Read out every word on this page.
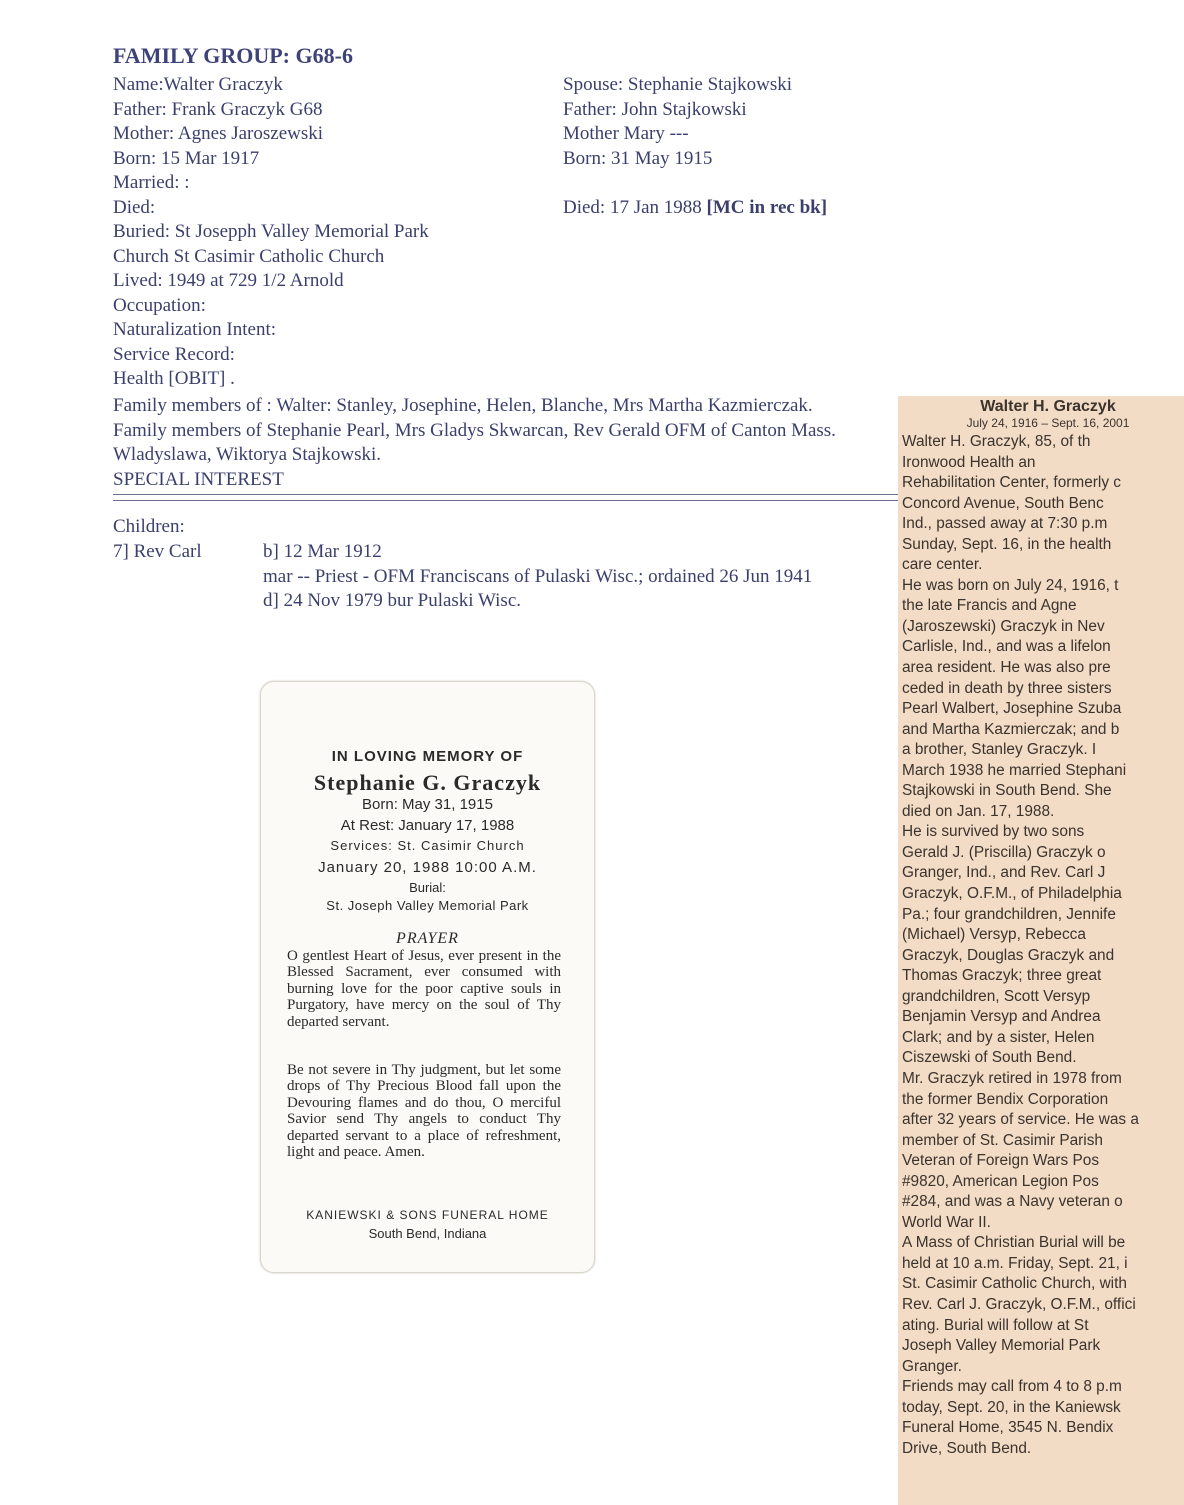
FAMILY GROUP: G68-6
Name:Walter Graczyk
Father: Frank Graczyk G68
Mother: Agnes Jaroszewski
Born: 15 Mar 1917
Married: :
Died:
Buried: St Josepph Valley Memorial Park
Church St Casimir Catholic Church
Lived: 1949 at 729 1/2 Arnold
Occupation:
Naturalization Intent:
Service Record:
Health [OBIT] .
Spouse: Stephanie Stajkowski
Father: John Stajkowski
Mother Mary ---
Born: 31 May 1915
Died: 17 Jan 1988 [MC in rec bk]
Family members of : Walter: Stanley, Josephine, Helen, Blanche, Mrs Martha Kazmierczak.
Family members of Stephanie Pearl, Mrs Gladys Skwarcan, Rev Gerald OFM of Canton Mass.
Wladyslawa, Wiktorya Stajkowski.
SPECIAL INTEREST
Children:
7] Rev Carl	b] 12 Mar 1912
mar -- Priest - OFM Franciscans of Pulaski Wisc.; ordained 26 Jun 1941
d] 24 Nov 1979 bur Pulaski Wisc.
IN LOVING MEMORY OF
Stephanie G. Graczyk
Born: May 31, 1915
At Rest: January 17, 1988
Services: St. Casimir Church
January 20, 1988 10:00 A.M.
Burial:
St. Joseph Valley Memorial Park
PRAYER
O gentlest Heart of Jesus, ever present in the Blessed Sacrament, ever consumed with burning love for the poor captive souls in Purgatory, have mercy on the soul of Thy departed servant.
Be not severe in Thy judgment, but let some drops of Thy Precious Blood fall upon the Devouring flames and do thou, O merciful Savior send Thy angels to conduct Thy departed servant to a place of refreshment, light and peace. Amen.
KANIEWSKI & SONS FUNERAL HOME
South Bend, Indiana
Walter H. Graczyk
July 24, 1916 – Sept. 16, 2001
Walter H. Graczyk, 85, of th
Ironwood Health an
Rehabilitation Center, formerly c
Concord Avenue, South Benc
Ind., passed away at 7:30 p.m
Sunday, Sept. 16, in the health
care center.
He was born on July 24, 1916, t
the late Francis and Agne
(Jaroszewski) Graczyk in Nev
Carlisle, Ind., and was a lifelon
area resident. He was also pre
ceded in death by three sisters
Pearl Walbert, Josephine Szuba
and Martha Kazmierczak; and b
a brother, Stanley Graczyk. I
March 1938 he married Stephani
Stajkowski in South Bend. She
died on Jan. 17, 1988.
He is survived by two sons
Gerald J. (Priscilla) Graczyk o
Granger, Ind., and Rev. Carl J
Graczyk, O.F.M., of Philadelphia
Pa.; four grandchildren, Jennife
(Michael) Versyp, Rebecca
Graczyk, Douglas Graczyk and
Thomas Graczyk; three great
grandchildren, Scott Versyp
Benjamin Versyp and Andrea
Clark; and by a sister, Helen
Ciszewski of South Bend.
Mr. Graczyk retired in 1978 from
the former Bendix Corporation
after 32 years of service. He was a
member of St. Casimir Parish
Veteran of Foreign Wars Pos
#9820, American Legion Pos
#284, and was a Navy veteran o
World War II.
A Mass of Christian Burial will be
held at 10 a.m. Friday, Sept. 21, i
St. Casimir Catholic Church, with
Rev. Carl J. Graczyk, O.F.M., offici
ating. Burial will follow at St
Joseph Valley Memorial Park
Granger.
Friends may call from 4 to 8 p.m
today, Sept. 20, in the Kaniewsk
Funeral Home, 3545 N. Bendix
Drive, South Bend.
